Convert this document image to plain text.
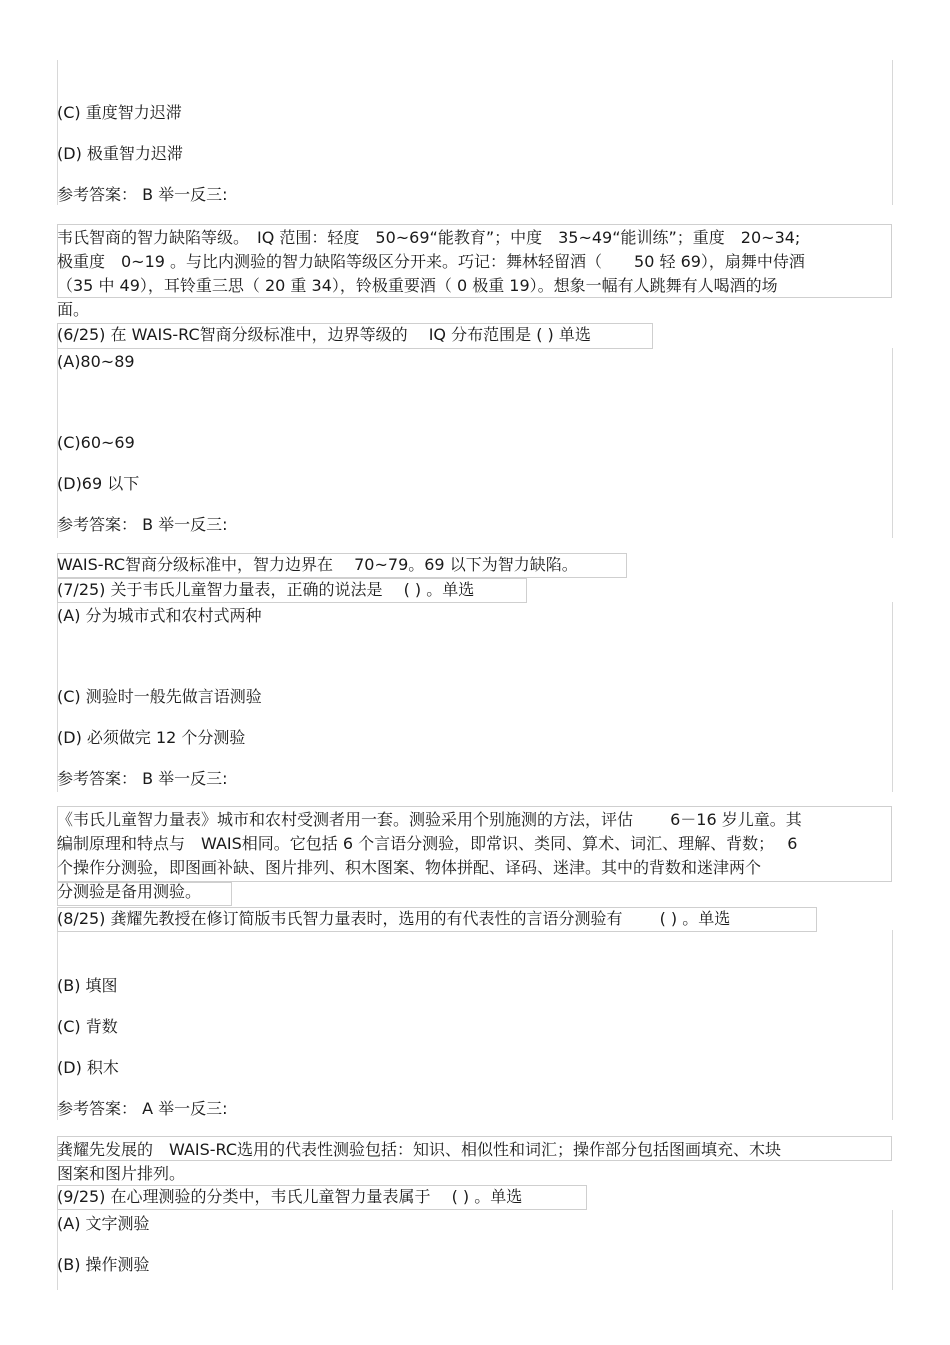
(C) 重度智力迟滞
(D) 极重智力迟滞
参考答案： B 举一反三:
韦氏智商的智力缺陷等级。　IQ 范围：轻度　50~69“能教育”；中度　35~49“能训练”；重度　20~34;
极重度　0~19 。与比内测验的智力缺陷等级区分开来。巧记：舞林轻留酒（　　50 轻 69），扇舞中侍酒
（35 中 49），耳铃重三思（ 20 重 34），铃极重要酒（ 0 极重 19）。想象一幅有人跳舞有人喝酒的场
面。
(6/25) 在 WAIS-RC智商分级标准中，边界等级的　 IQ 分布范围是 ( ) 单选
(A)80~89
(C)60~69
(D)69 以下
参考答案： B 举一反三:
WAIS-RC智商分级标准中，智力边界在　 70~79。69 以下为智力缺陷。
(7/25) 关于韦氏儿童智力量表，正确的说法是　 ( ) 。单选
(A) 分为城市式和农村式两种
(C) 测验时一般先做言语测验
(D) 必须做完 12 个分测验
参考答案： B 举一反三:
《韦氏儿童智力量表》城市和农村受测者用一套。测验采用个别施测的方法，评估　　 6－16 岁儿童。其
编制原理和特点与　WAIS相同。它包括 6 个言语分测验，即常识、类同、算术、词汇、理解、背数；　 6
个操作分测验，即图画补缺、图片排列、积木图案、物体拼配、译码、迷津。其中的背数和迷津两个
分测验是备用测验。
(8/25) 龚耀先教授在修订简版韦氏智力量表时，选用的有代表性的言语分测验有　　 ( ) 。单选
(B) 填图
(C) 背数
(D) 积木
参考答案： A 举一反三:
龚耀先发展的　WAIS-RC选用的代表性测验包括：知识、相似性和词汇；操作部分包括图画填充、木块
图案和图片排列。
(9/25) 在心理测验的分类中，韦氏儿童智力量表属于　 ( ) 。单选
(A) 文字测验
(B) 操作测验
